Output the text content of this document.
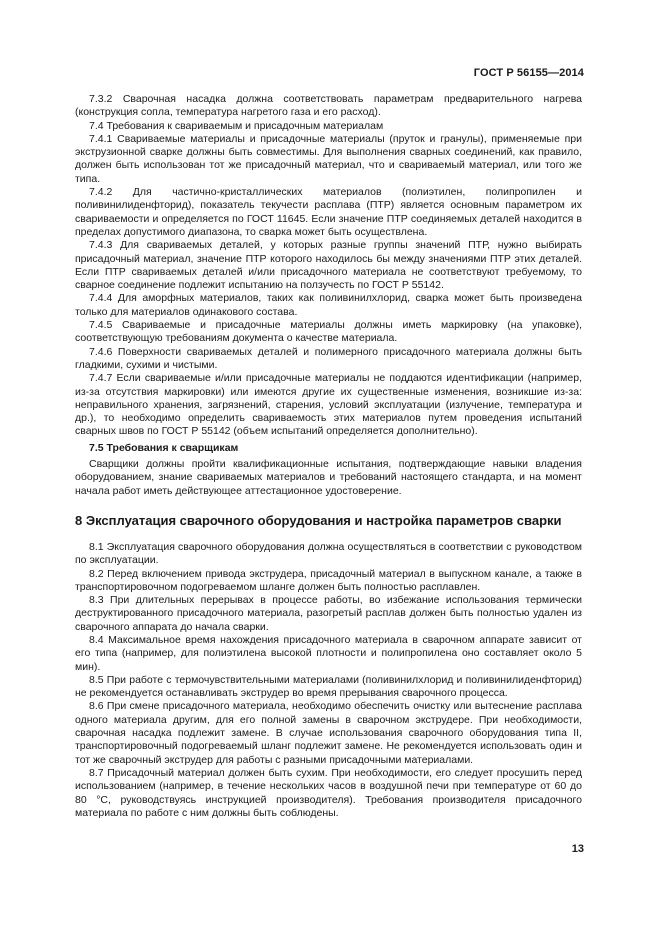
ГОСТ Р 56155—2014

7.3.2 Сварочная насадка должна соответствовать параметрам предварительного нагрева (конструкция сопла, температура нагретого газа и его расход).

7.4 Требования к свариваемым и присадочным материалам

7.4.1 Свариваемые материалы и присадочные материалы (пруток и гранулы), применяемые при экструзионной сварке должны быть совместимы. Для выполнения сварных соединений, как правило, должен быть использован тот же присадочный материал, что и свариваемый материал, или того же типа.

7.4.2 Для частично-кристаллических материалов (полиэтилен, полипропилен и поливинилиденфторид), показатель текучести расплава (ПТР) является основным параметром их свариваемости и определяется по ГОСТ 11645. Если значение ПТР соединяемых деталей находится в пределах допустимого диапазона, то сварка может быть осуществлена.

7.4.3 Для свариваемых деталей, у которых разные группы значений ПТР, нужно выбирать присадочный материал, значение ПТР которого находилось бы между значениями ПТР этих деталей. Если ПТР свариваемых деталей и/или присадочного материала не соответствуют требуемому, то сварное соединение подлежит испытанию на ползучесть по ГОСТ Р 55142.

7.4.4 Для аморфных материалов, таких как поливинилхлорид, сварка может быть произведена только для материалов одинакового состава.

7.4.5 Свариваемые и присадочные материалы должны иметь маркировку (на упаковке), соответствующую требованиям документа о качестве материала.

7.4.6 Поверхности свариваемых деталей и полимерного присадочного материала должны быть гладкими, сухими и чистыми.

7.4.7 Если свариваемые и/или присадочные материалы не поддаются идентификации (например, из-за отсутствия маркировки) или имеются другие их существенные изменения, возникшие из-за: неправильного хранения, загрязнений, старения, условий эксплуатации (излучение, температура и др.), то необходимо определить свариваемость этих материалов путем проведения испытаний сварных швов по ГОСТ Р 55142 (объем испытаний определяется дополнительно).

7.5 Требования к сварщикам

Сварщики должны пройти квалификационные испытания, подтверждающие навыки владения оборудованием, знание свариваемых материалов и требований настоящего стандарта, и на момент начала работ иметь действующее аттестационное удостоверение.

8 Эксплуатация сварочного оборудования и настройка параметров сварки

8.1 Эксплуатация сварочного оборудования должна осуществляться в соответствии с руководством по эксплуатации.

8.2 Перед включением привода экструдера, присадочный материал в выпускном канале, а также в транспортировочном подогреваемом шланге должен быть полностью расплавлен.

8.3 При длительных перерывах в процессе работы, во избежание использования термически деструктированного присадочного материала, разогретый расплав должен быть полностью удален из сварочного аппарата до начала сварки.

8.4 Максимальное время нахождения присадочного материала в сварочном аппарате зависит от его типа (например, для полиэтилена высокой плотности и полипропилена оно составляет около 5 мин).

8.5 При работе с термочувствительными материалами (поливинилхлорид и поливинилиденфторид) не рекомендуется останавливать экструдер во время прерывания сварочного процесса.

8.6 При смене присадочного материала, необходимо обеспечить очистку или вытеснение расплава одного материала другим, для его полной замены в сварочном экструдере. При необходимости, сварочная насадка подлежит замене. В случае использования сварочного оборудования типа II, транспортировочный подогреваемый шланг подлежит замене. Не рекомендуется использовать один и тот же сварочный экструдер для работы с разными присадочными материалами.

8.7 Присадочный материал должен быть сухим. При необходимости, его следует просушить перед использованием (например, в течение нескольких часов в воздушной печи при температуре от 60 до 80 °С, руководствуясь инструкцией производителя). Требования производителя присадочного материала по работе с ним должны быть соблюдены.

13
